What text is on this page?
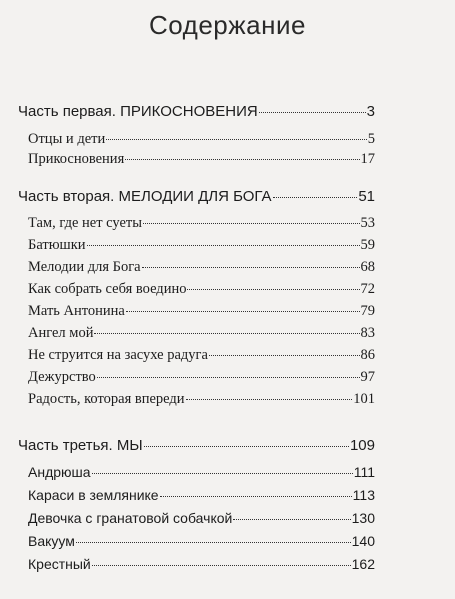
Содержание
Часть первая. ПРИКОСНОВЕНИЯ	3
Отцы и дети	5
Прикосновения	17
Часть вторая. МЕЛОДИИ ДЛЯ БОГА	51
Там, где нет суеты	53
Батюшки	59
Мелодии для Бога	68
Как собрать себя воедино	72
Мать Антонина	79
Ангел мой	83
Не струится на засухе радуга	86
Дежурство	97
Радость, которая впереди	101
Часть третья. МЫ	109
Андрюша	111
Караси в землянике	113
Девочка с гранатовой собачкой	130
Вакуум	140
Крестный	162
